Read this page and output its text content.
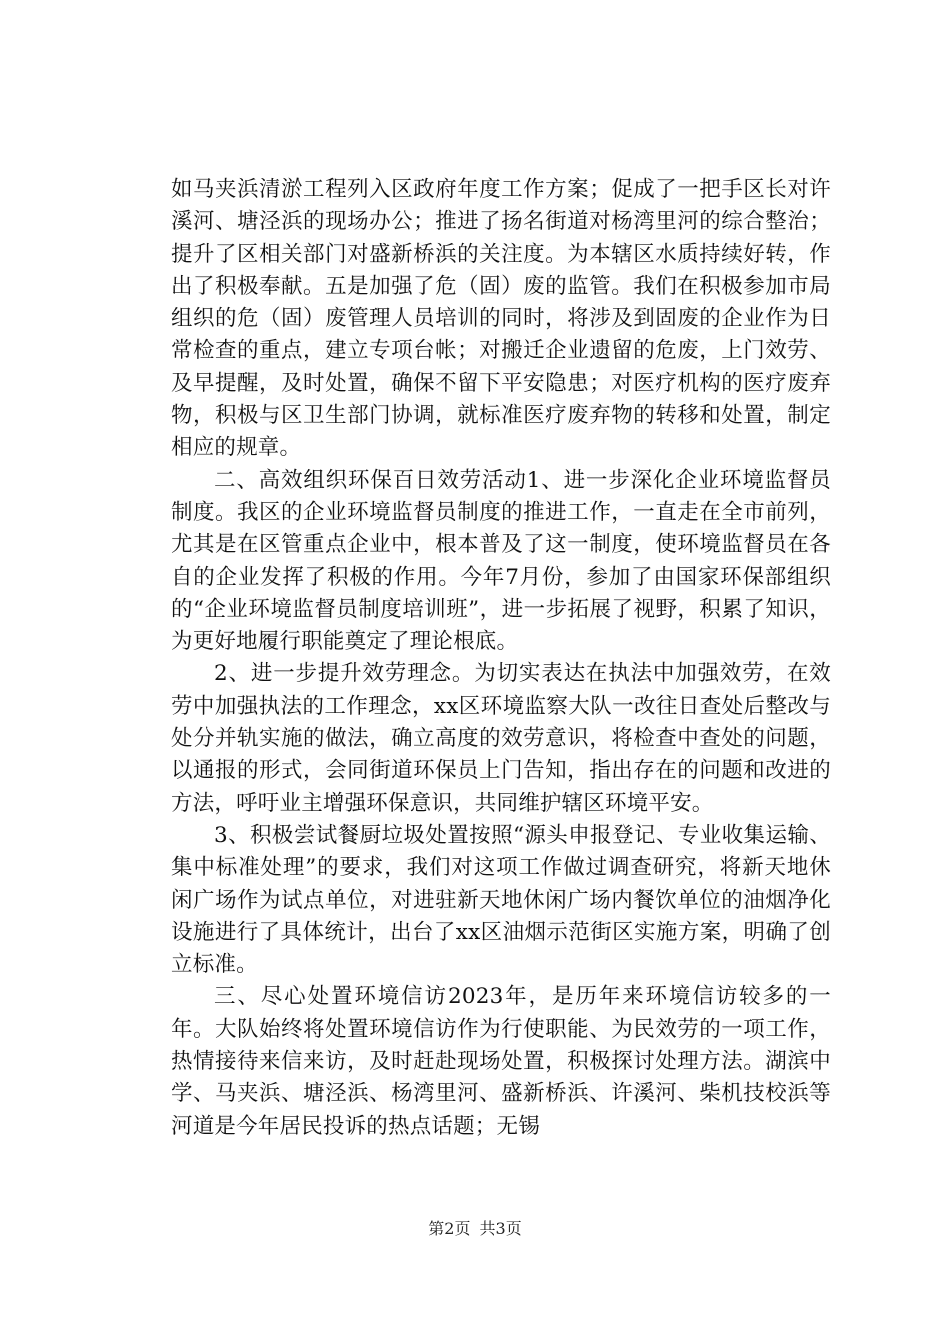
如马夹浜清淤工程列入区政府年度工作方案；促成了一把手区长对许溪河、塘泾浜的现场办公；推进了扬名街道对杨湾里河的综合整治；提升了区相关部门对盛新桥浜的关注度。为本辖区水质持续好转，作出了积极奉献。五是加强了危（固）废的监管。我们在积极参加市局组织的危（固）废管理人员培训的同时，将涉及到固废的企业作为日常检查的重点，建立专项台帐；对搬迁企业遗留的危废，上门效劳、及早提醒，及时处置，确保不留下平安隐患；对医疗机构的医疗废弃物，积极与区卫生部门协调，就标准医疗废弃物的转移和处置，制定相应的规章。

二、高效组织环保百日效劳活动1、进一步深化企业环境监督员制度。我区的企业环境监督员制度的推进工作，一直走在全市前列，尤其是在区管重点企业中，根本普及了这一制度，使环境监督员在各自的企业发挥了积极的作用。今年7月份，参加了由国家环保部组织的“企业环境监督员制度培训班”，进一步拓展了视野，积累了知识，为更好地履行职能奠定了理论根底。

2、进一步提升效劳理念。为切实表达在执法中加强效劳，在效劳中加强执法的工作理念，xx区环境监察大队一改往日查处后整改与处分并轨实施的做法，确立高度的效劳意识，将检查中查处的问题，以通报的形式，会同街道环保员上门告知，指出存在的问题和改进的方法，呼吁业主增强环保意识，共同维护辖区环境平安。

3、积极尝试餐厨垃圾处置按照“源头申报登记、专业收集运输、集中标准处理”的要求，我们对这项工作做过调查研究，将新天地休闲广场作为试点单位，对进驻新天地休闲广场内餐饮单位的油烟净化设施进行了具体统计，出台了xx区油烟示范街区实施方案，明确了创立标准。

三、尽心处置环境信访2023年，是历年来环境信访较多的一年。大队始终将处置环境信访作为行使职能、为民效劳的一项工作，热情接待来信来访，及时赶赴现场处置，积极探讨处理方法。湖滨中学、马夹浜、塘泾浜、杨湾里河、盛新桥浜、许溪河、柴机技校浜等河道是今年居民投诉的热点话题；无锡

第2页 共3页
